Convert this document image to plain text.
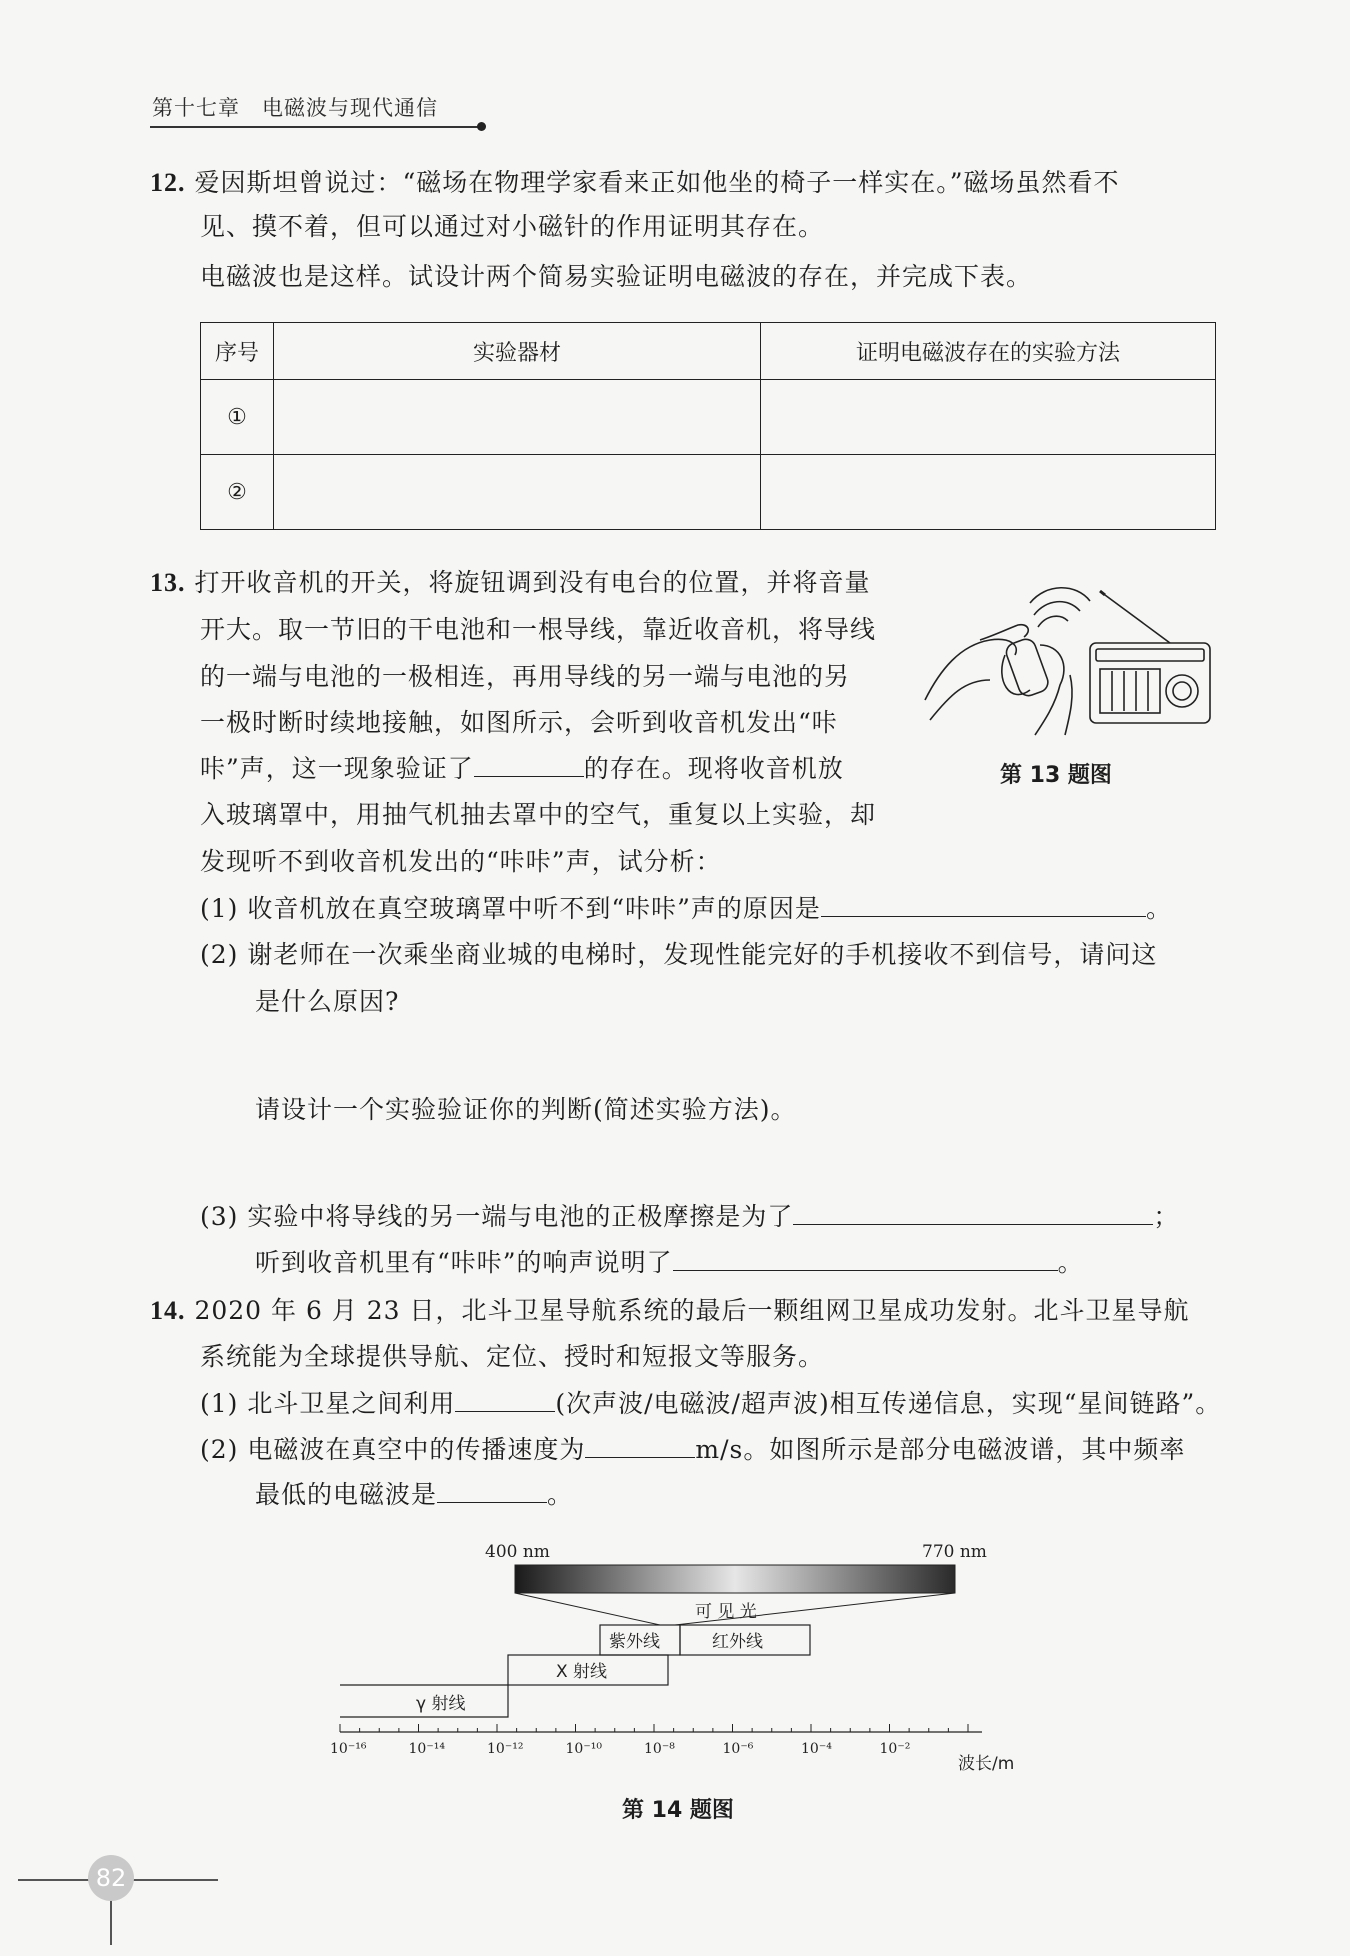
第十七章　电磁波与现代通信
12. 爱因斯坦曾说过：“磁场在物理学家看来正如他坐的椅子一样实在。”磁场虽然看不
见、摸不着，但可以通过对小磁针的作用证明其存在。
电磁波也是这样。试设计两个简易实验证明电磁波的存在，并完成下表。
序号	实验器材	证明电磁波存在的实验方法
①		
②		
13. 打开收音机的开关，将旋钮调到没有电台的位置，并将音量
开大。取一节旧的干电池和一根导线，靠近收音机，将导线
的一端与电池的一极相连，再用导线的另一端与电池的另
一极时断时续地接触，如图所示，会听到收音机发出“咔
咔”声，这一现象验证了	的存在。现将收音机放
入玻璃罩中，用抽气机抽去罩中的空气，重复以上实验，却
发现听不到收音机发出的“咔咔”声，试分析：
(1) 收音机放在真空玻璃罩中听不到“咔咔”声的原因是	。
(2) 谢老师在一次乘坐商业城的电梯时，发现性能完好的手机接收不到信号，请问这
是什么原因?
请设计一个实验验证你的判断(简述实验方法)。
(3) 实验中将导线的另一端与电池的正极摩擦是为了	；
听到收音机里有“咔咔”的响声说明了	。
第 13 题图
14. 2020 年 6 月 23 日，北斗卫星导航系统的最后一颗组网卫星成功发射。北斗卫星导航
系统能为全球提供导航、定位、授时和短报文等服务。
(1) 北斗卫星之间利用	(次声波/电磁波/超声波)相互传递信息，实现“星间链路”。
(2) 电磁波在真空中的传播速度为	m/s。如图所示是部分电磁波谱，其中频率
最低的电磁波是	。
400 nm	770 nm
可 见 光
紫外线	红外线
X 射线
γ 射线
10⁻¹⁶	10⁻¹⁴	10⁻¹²	10⁻¹⁰	10⁻⁸	10⁻⁶	10⁻⁴	10⁻²
波长/m
第 14 题图
82
